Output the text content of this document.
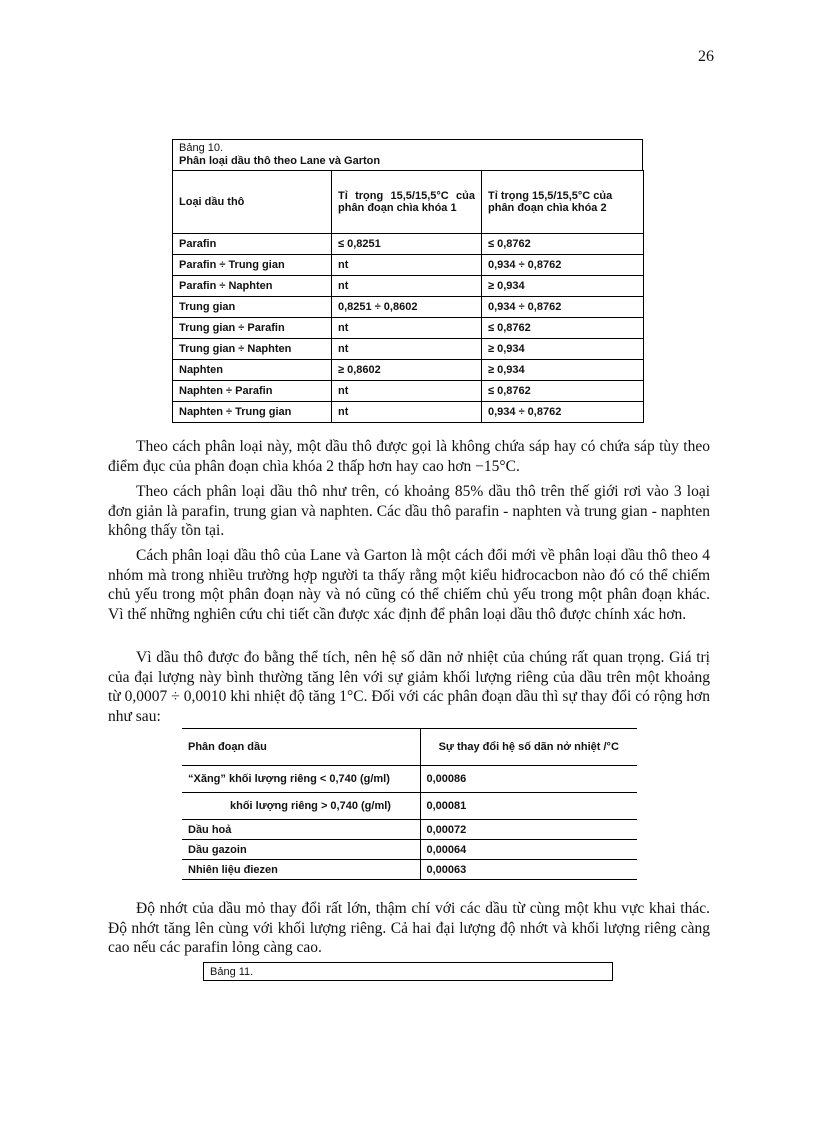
26
Bảng 10.
Phân loại dầu thô theo Lane và Garton
Loại dầu thô	Tỉ trọng 15,5/15,5°C của phân đoạn chìa khóa 1	Tỉ trọng 15,5/15,5°C của phân đoạn chìa khóa 2
Parafin	≤ 0,8251	≤ 0,8762
Parafin ÷ Trung gian	nt	0,934 ÷ 0,8762
Parafin ÷ Naphten	nt	≥ 0,934
Trung gian	0,8251 ÷ 0,8602	0,934 ÷ 0,8762
Trung gian ÷ Parafin	nt	≤ 0,8762
Trung gian ÷ Naphten	nt	≥ 0,934
Naphten	≥ 0,8602	≥ 0,934
Naphten ÷ Parafin	nt	≤ 0,8762
Naphten ÷ Trung gian	nt	0,934 ÷ 0,8762

Theo cách phân loại này, một dầu thô được gọi là không chứa sáp hay có chứa sáp tùy theo điểm đục của phân đoạn chìa khóa 2 thấp hơn hay cao hơn −15°C.

Theo cách phân loại dầu thô như trên, có khoảng 85% dầu thô trên thế giới rơi vào 3 loại đơn giản là parafin, trung gian và naphten. Các dầu thô parafin - naphten và trung gian - naphten không thấy tồn tại.

Cách phân loại dầu thô của Lane và Garton là một cách đổi mới về phân loại dầu thô theo 4 nhóm mà trong nhiều trường hợp người ta thấy rằng một kiểu hiđrocacbon nào đó có thể chiếm chủ yếu trong một phân đoạn này và nó cũng có thể chiếm chủ yếu trong một phân đoạn khác. Vì thế những nghiên cứu chi tiết cần được xác định để phân loại dầu thô được chính xác hơn.

Vì dầu thô được đo bằng thể tích, nên hệ số dãn nở nhiệt của chúng rất quan trọng. Giá trị của đại lượng này bình thường tăng lên với sự giảm khối lượng riêng của dầu trên một khoảng từ 0,0007 ÷ 0,0010 khi nhiệt độ tăng 1°C. Đối với các phân đoạn dầu thì sự thay đổi có rộng hơn như sau:

Phân đoạn dầu	Sự thay đổi hệ số dãn nở nhiệt /°C
“Xăng” khối lượng riêng < 0,740 (g/ml)	0,00086
khối lượng riêng > 0,740 (g/ml)	0,00081
Dầu hoả	0,00072
Dầu gazoin	0,00064
Nhiên liệu điezen	0,00063

Độ nhớt của dầu mỏ thay đổi rất lớn, thậm chí với các dầu từ cùng một khu vực khai thác. Độ nhớt tăng lên cùng với khối lượng riêng. Cả hai đại lượng độ nhớt và khối lượng riêng càng cao nếu các parafin lỏng càng cao.

Bảng 11.
